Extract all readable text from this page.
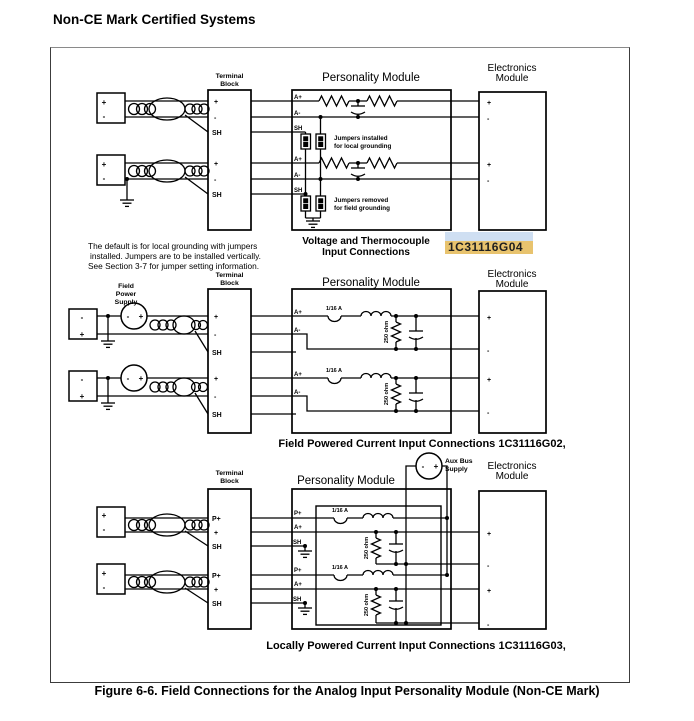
Non-CE Mark Certified Systems
Terminal
Block
Personality Module
Electronics
Module
+
-
+
-
+
-
SH
+
-
SH
A+
A-
SH
A+
A-
SH
Jumpers installed
for local grounding
Jumpers removed
for field grounding
+
-
+
-
Voltage and Thermocouple
Input Connections	1C31116G04
The default is for local grounding with jumpers
installed. Jumpers are to be installed vertically.
See Section 3-7 for jumper setting information.
Terminal
Block	Personality Module
Electronics
Module
Field
Power
Supply
- +
- +
-
+
-
+
+
-
SH
+
-
SH
A+
A-
A+
A-
1/16 A
1/16 A
250 ohm
250 ohm
+
-
+
-
Field Powered Current Input Connections 1C31116G02,
Terminal
Block	Personality Module
Electronics
Module
Aux Bus
Supply
- +
+
-
+
-
P+
+
SH
P+
+
SH
P+
A+
SH
P+
A+
SH
1/16 A
1/16 A
250 ohm
250 ohm
+
-
+
-
Locally Powered Current Input Connections 1C31116G03,
Figure 6-6. Field Connections for the Analog Input Personality Module (Non-CE Mark)
